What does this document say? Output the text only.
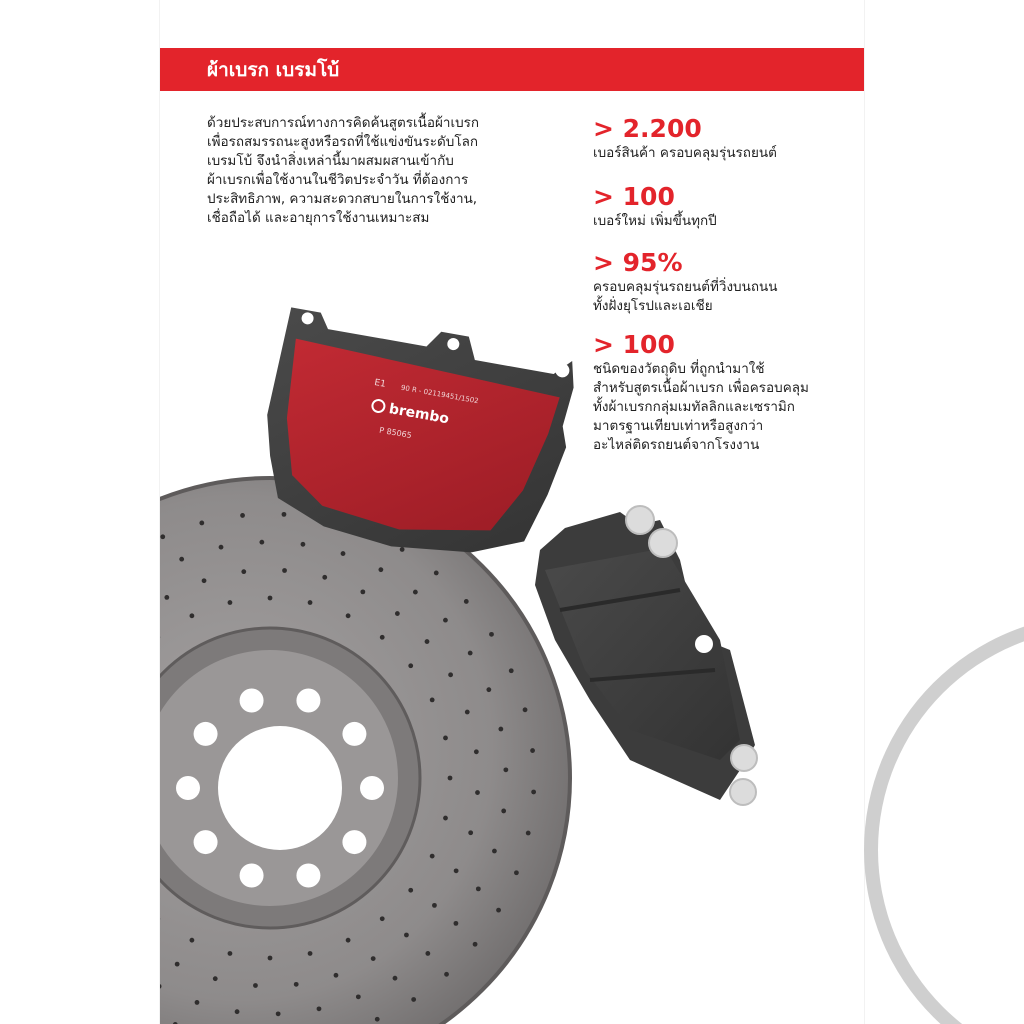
ผ้าเบรก เบรมโบ้
ด้วยประสบการณ์ทางการคิดค้นสูตรเนื้อผ้าเบรก
เพื่อรถสมรรถนะสูงหรือรถที่ใช้แข่งขันระดับโลก
เบรมโบ้ จึงนำสิ่งเหล่านี้มาผสมผสานเข้ากับ
ผ้าเบรกเพื่อใช้งานในชีวิตประจำวัน ที่ต้องการ
ประสิทธิภาพ, ความสะดวกสบายในการใช้งาน,
เชื่อถือได้ และอายุการใช้งานเหมาะสม
> 2.200
เบอร์สินค้า ครอบคลุมรุ่นรถยนต์
> 100
เบอร์ใหม่ เพิ่มขึ้นทุกปี
> 95%
ครอบคลุมรุ่นรถยนต์ที่วิ่งบนถนน
ทั้งฝั่งยุโรปและเอเชีย
> 100
ชนิดของวัตถุดิบ ที่ถูกนำมาใช้
สำหรับสูตรเนื้อผ้าเบรก เพื่อครอบคลุม
ทั้งผ้าเบรกกลุ่มเมทัลลิกและเซรามิก
มาตรฐานเทียบเท่าหรือสูงกว่า
อะไหล่ติดรถยนต์จากโรงงาน
E1 90 R - 02119451/1502
brembo
P 85065
